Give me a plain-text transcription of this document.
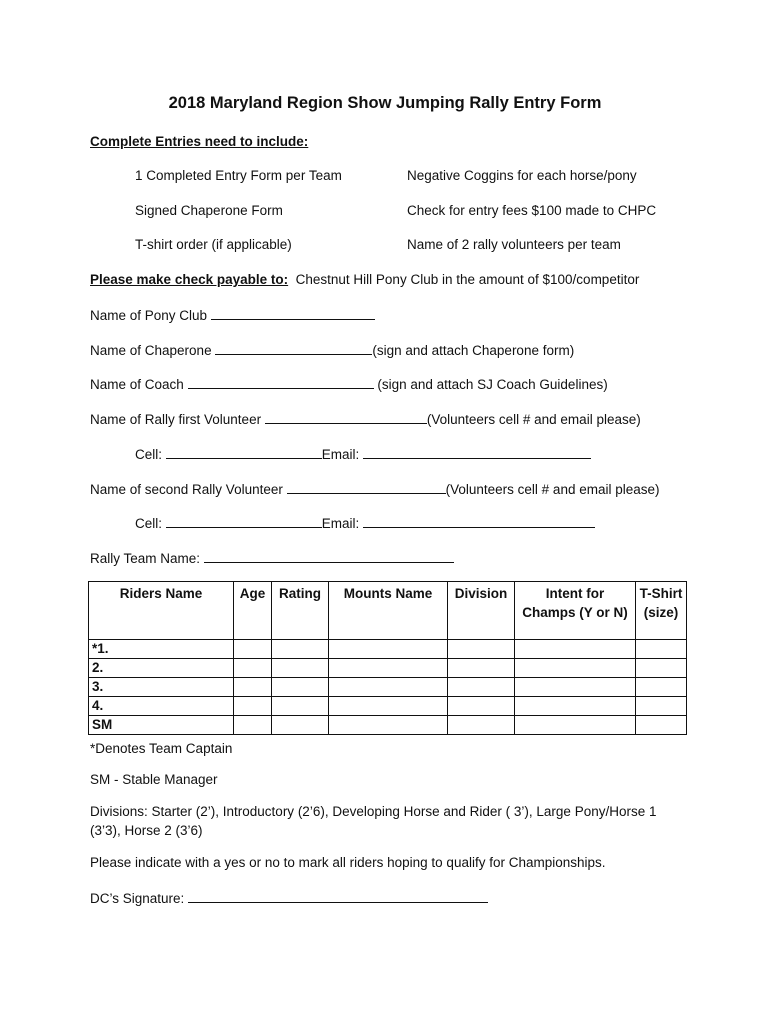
2018 Maryland Region Show Jumping Rally Entry Form
Complete Entries need to include:
1 Completed Entry Form per Team
Signed Chaperone Form
T-shirt order (if applicable)
Negative Coggins for each horse/pony
Check for entry fees $100 made to CHPC
Name of 2 rally volunteers per team
Please make check payable to: Chestnut Hill Pony Club in the amount of $100/competitor
Name of Pony Club
Name of Chaperone	(sign and attach Chaperone form)
Name of Coach	(sign and attach SJ Coach Guidelines)
Name of Rally first Volunteer	(Volunteers cell # and email please)
Cell:	Email:
Name of second Rally Volunteer	(Volunteers cell # and email please)
Cell:	Email:
Rally Team Name:
Riders Name	Age	Rating	Mounts Name	Division	Intent for Champs (Y or N)	T-Shirt (size)
*1.						
2.						
3.						
4.						
SM						
*Denotes Team Captain
SM - Stable Manager
Divisions: Starter (2’), Introductory (2’6), Developing Horse and Rider ( 3’), Large Pony/Horse 1
(3’3), Horse 2 (3’6)
Please indicate with a yes or no to mark all riders hoping to qualify for Championships.
DC’s Signature:
